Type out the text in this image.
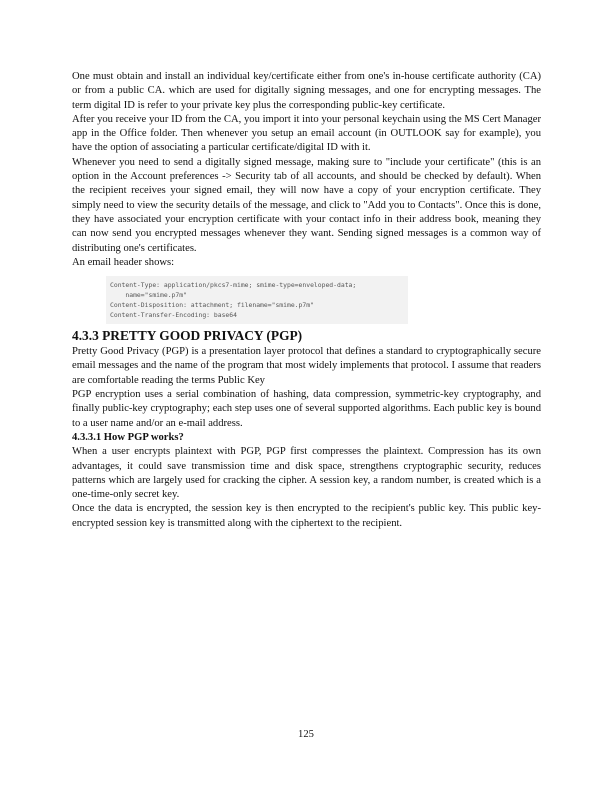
One must obtain and install an individual key/certificate either from one's in-house certificate authority (CA) or from a public CA. which are used for digitally signing messages, and one for encrypting messages. The term digital ID is refer to your private key plus the corresponding public-key certificate.

After you receive your ID from the CA, you import it into your personal keychain using the MS Cert Manager app in the Office folder. Then whenever you setup an email account (in OUTLOOK say for example), you have the option of associating a particular certificate/digital ID with it.

Whenever you need to send a digitally signed message, making sure to "include your certificate" (this is an option in the Account preferences -> Security tab of all accounts, and should be checked by default). When the recipient receives your signed email, they will now have a copy of your encryption certificate. They simply need to view the security details of the message, and click to "Add you to Contacts". Once this is done, they have associated your encryption certificate with your contact info in their address book, meaning they can now send you encrypted messages whenever they want. Sending signed messages is a common way of distributing one's certificates.

An email header shows:

Content-Type: application/pkcs7-mime; smime-type=enveloped-data;
name="smime.p7m"
Content-Disposition: attachment; filename="smime.p7m"
Content-Transfer-Encoding: base64
4.3.3 PRETTY GOOD PRIVACY (PGP)

Pretty Good Privacy (PGP) is a presentation layer protocol that defines a standard to cryptographically secure email messages and the name of the program that most widely implements that protocol. I assume that readers are comfortable reading the terms Public Key

PGP encryption uses a serial combination of hashing, data compression, symmetric-key cryptography, and finally public-key cryptography; each step uses one of several supported algorithms. Each public key is bound to a user name and/or an e-mail address.

4.3.3.1 How PGP works?

When a user encrypts plaintext with PGP, PGP first compresses the plaintext. Compression has its own advantages, it could save transmission time and disk space, strengthens cryptographic security, reduces patterns which are largely used for cracking the cipher. A session key, a random number, is created which is a one-time-only secret key.

Once the data is encrypted, the session key is then encrypted to the recipient's public key. This public key-encrypted session key is transmitted along with the ciphertext to the recipient.

125
